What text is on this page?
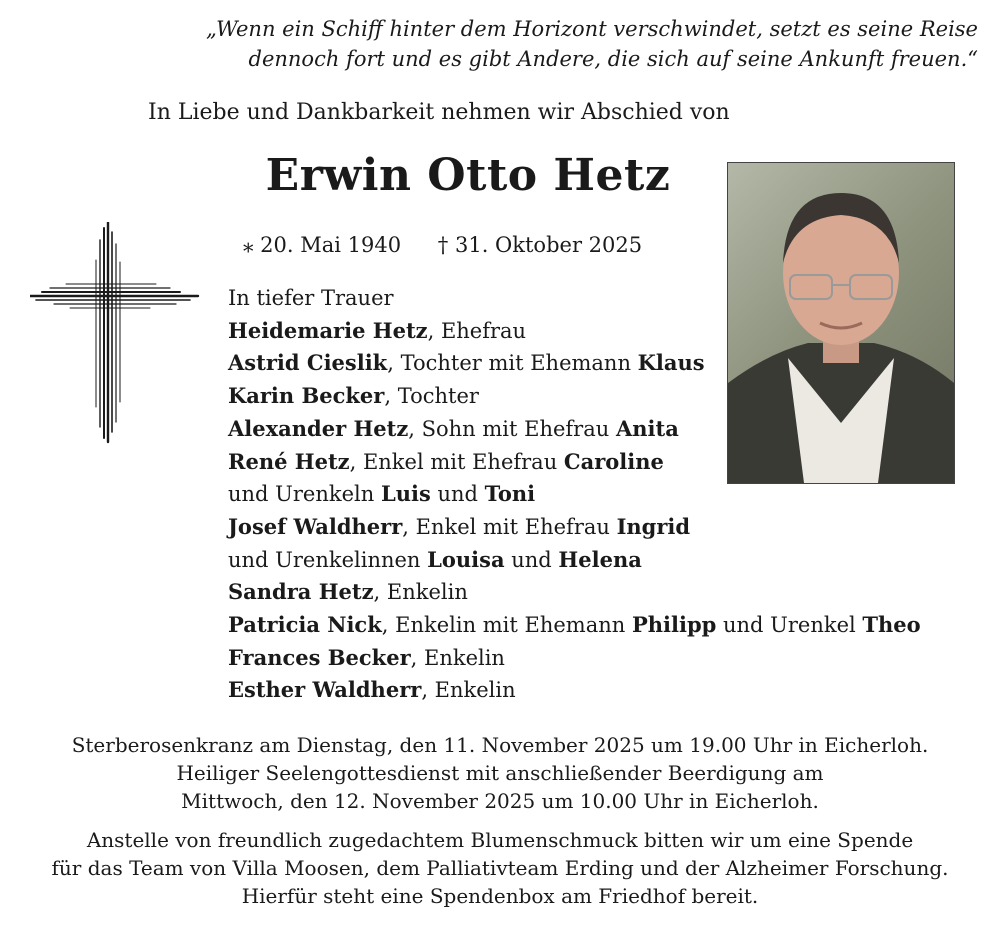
„Wenn ein Schiff hinter dem Horizont verschwindet, setzt es seine Reise
dennoch fort und es gibt Andere, die sich auf seine Ankunft freuen.“
In Liebe und Dankbarkeit nehmen wir Abschied von
Erwin Otto Hetz
⁎ 20. Mai 1940 † 31. Oktober 2025
In tiefer Trauer
Heidemarie Hetz, Ehefrau
Astrid Cieslik, Tochter mit Ehemann Klaus
Karin Becker, Tochter
Alexander Hetz, Sohn mit Ehefrau Anita
René Hetz, Enkel mit Ehefrau Caroline
und Urenkeln Luis und Toni
Josef Waldherr, Enkel mit Ehefrau Ingrid
und Urenkelinnen Louisa und Helena
Sandra Hetz, Enkelin
Patricia Nick, Enkelin mit Ehemann Philipp und Urenkel Theo
Frances Becker, Enkelin
Esther Waldherr, Enkelin
Sterberosenkranz am Dienstag, den 11. November 2025 um 19.00 Uhr in Eicherloh.
Heiliger Seelengottesdienst mit anschließender Beerdigung am
Mittwoch, den 12. November 2025 um 10.00 Uhr in Eicherloh.
Anstelle von freundlich zugedachtem Blumenschmuck bitten wir um eine Spende
für das Team von Villa Moosen, dem Palliativteam Erding und der Alzheimer Forschung.
Hierfür steht eine Spendenbox am Friedhof bereit.
